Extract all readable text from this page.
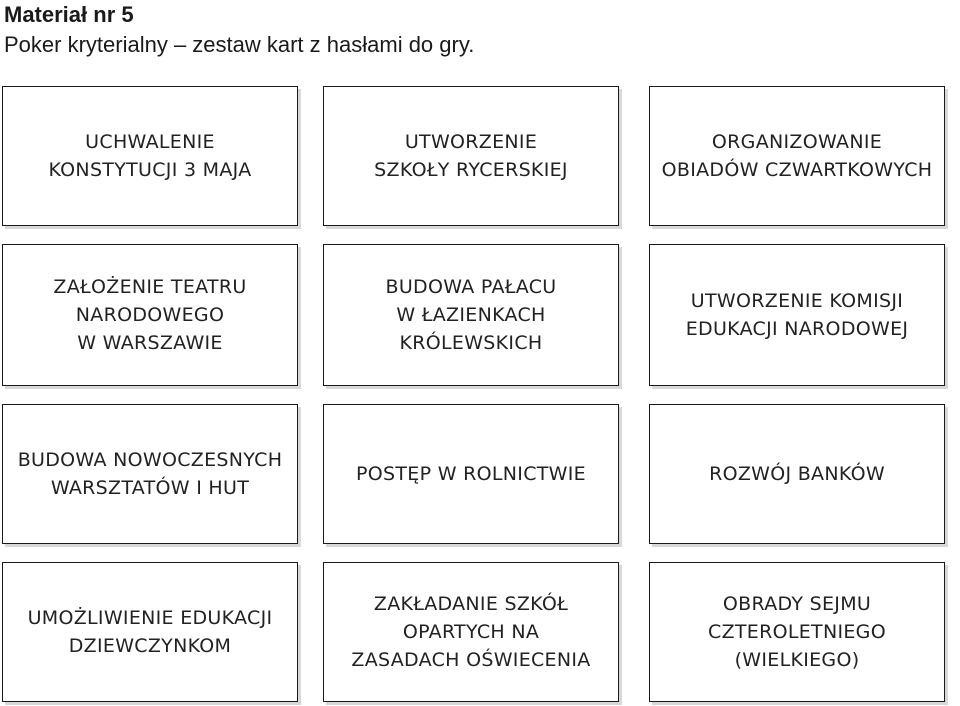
Materiał nr 5
Poker kryterialny – zestaw kart z hasłami do gry.
UCHWALENIE
KONSTYTUCJI 3 MAJA
UTWORZENIE
SZKOŁY RYCERSKIEJ
ORGANIZOWANIE
OBIADÓW CZWARTKOWYCH
ZAŁOŻENIE TEATRU
NARODOWEGO
W WARSZAWIE
BUDOWA PAŁACU
W ŁAZIENKACH
KRÓLEWSKICH
UTWORZENIE KOMISJI
EDUKACJI NARODOWEJ
BUDOWA NOWOCZESNYCH
WARSZTATÓW I HUT
POSTĘP W ROLNICTWIE	ROZWÓJ BANKÓW
UMOŻLIWIENIE EDUKACJI
DZIEWCZYNKOM
ZAKŁADANIE SZKÓŁ
OPARTYCH NA
ZASADACH OŚWIECENIA
OBRADY SEJMU
CZTEROLETNIEGO
(WIELKIEGO)
